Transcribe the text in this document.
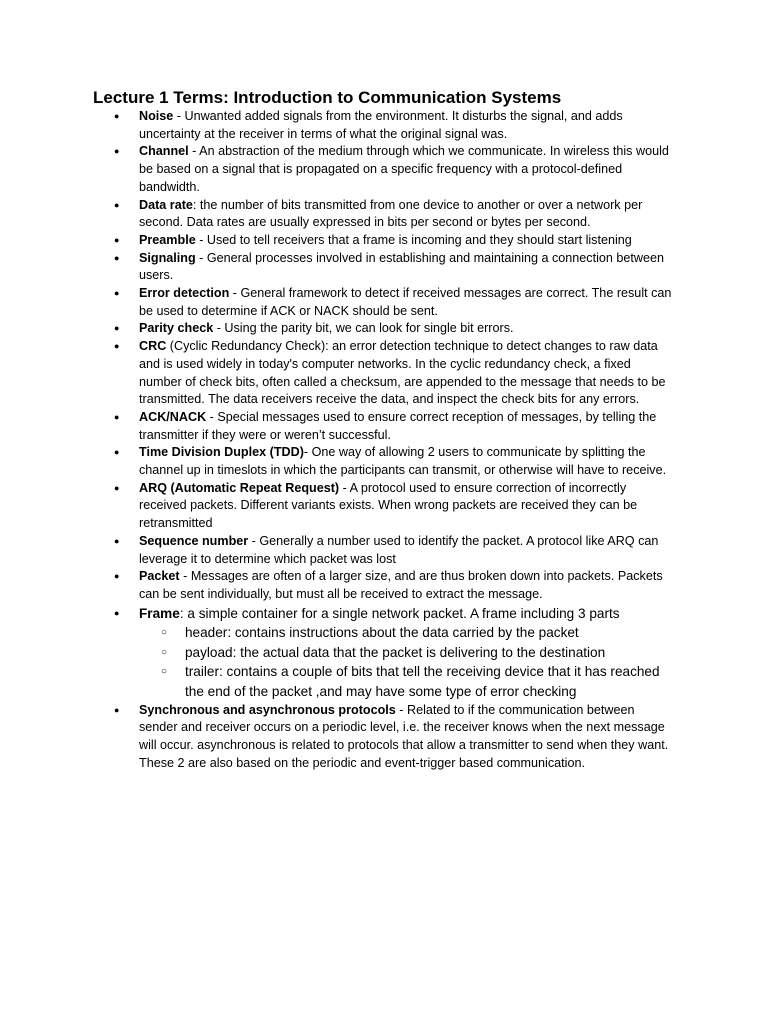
Lecture 1 Terms: Introduction to Communication Systems
● Noise - Unwanted added signals from the environment. It disturbs the signal, and adds uncertainty at the receiver in terms of what the original signal was.
● Channel - An abstraction of the medium through which we communicate. In wireless this would be based on a signal that is propagated on a specific frequency with a protocol-defined bandwidth.
● Data rate: the number of bits transmitted from one device to another or over a network per second. Data rates are usually expressed in bits per second or bytes per second.
● Preamble - Used to tell receivers that a frame is incoming and they should start listening
● Signaling - General processes involved in establishing and maintaining a connection between users.
● Error detection - General framework to detect if received messages are correct. The result can be used to determine if ACK or NACK should be sent.
● Parity check - Using the parity bit, we can look for single bit errors.
● CRC (Cyclic Redundancy Check): an error detection technique to detect changes to raw data and is used widely in today's computer networks. In the cyclic redundancy check, a fixed number of check bits, often called a checksum, are appended to the message that needs to be transmitted. The data receivers receive the data, and inspect the check bits for any errors.
● ACK/NACK - Special messages used to ensure correct reception of messages, by telling the transmitter if they were or weren’t successful.
● Time Division Duplex (TDD)- One way of allowing 2 users to communicate by splitting the channel up in timeslots in which the participants can transmit, or otherwise will have to receive.
● ARQ (Automatic Repeat Request) - A protocol used to ensure correction of incorrectly received packets. Different variants exists. When wrong packets are received they can be retransmitted
● Sequence number - Generally a number used to identify the packet. A protocol like ARQ can leverage it to determine which packet was lost
● Packet - Messages are often of a larger size, and are thus broken down into packets. Packets can be sent individually, but must all be received to extract the message.
● Frame: a simple container for a single network packet. A frame including 3 parts
○ header: contains instructions about the data carried by the packet
○ payload: the actual data that the packet is delivering to the destination
○ trailer: contains a couple of bits that tell the receiving device that it has reached the end of the packet ,and may have some type of error checking
● Synchronous and asynchronous protocols - Related to if the communication between sender and receiver occurs on a periodic level, i.e. the receiver knows when the next message will occur. asynchronous is related to protocols that allow a transmitter to send when they want. These 2 are also based on the periodic and event-trigger based communication.
